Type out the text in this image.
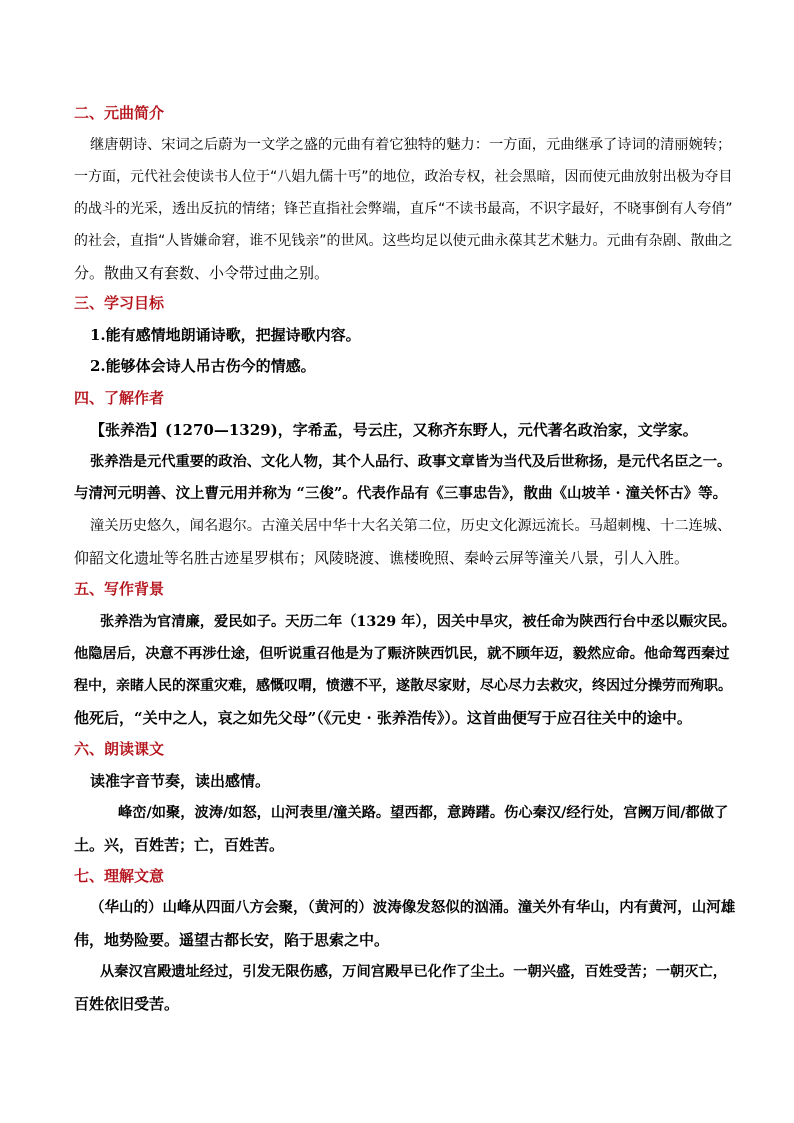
二、元曲简介
继唐朝诗、宋词之后蔚为一文学之盛的元曲有着它独特的魅力：一方面，元曲继承了诗词的清丽婉转；
一方面，元代社会使读书人位于“八娼九儒十丐”的地位，政治专权，社会黑暗，因而使元曲放射出极为夺目
的战斗的光采，透出反抗的情绪；锋芒直指社会弊端，直斥“不读书最高，不识字最好，不晓事倒有人夸俏”
的社会，直指“人皆嫌命窘，谁不见钱亲”的世风。这些均足以使元曲永葆其艺术魅力。元曲有杂剧、散曲之
分。散曲又有套数、小令带过曲之别。
三、学习目标
1.能有感情地朗诵诗歌，把握诗歌内容。
2.能够体会诗人吊古伤今的情感。
四、了解作者
【张养浩】(1270—1329)，字希孟，号云庄，又称齐东野人，元代著名政治家，文学家。
张养浩是元代重要的政治、文化人物，其个人品行、政事文章皆为当代及后世称扬，是元代名臣之一。
与清河元明善、汶上曹元用并称为 “三俊”。代表作品有《三事忠告》，散曲《山坡羊 · 潼关怀古》等。
潼关历史悠久，闻名遐尔。古潼关居中华十大名关第二位，历史文化源远流长。马超刺槐、十二连城、
仰韶文化遗址等名胜古迹星罗棋布；风陵晓渡、谯楼晚照、秦岭云屏等潼关八景，引人入胜。
五、写作背景
张养浩为官清廉，爱民如子。天历二年（1329 年），因关中旱灾，被任命为陕西行台中丞以赈灾民。
他隐居后，决意不再涉仕途，但听说重召他是为了赈济陕西饥民，就不顾年迈，毅然应命。他命驾西秦过
程中，亲睹人民的深重灾难，感慨叹喟，愤懑不平，遂散尽家财，尽心尽力去救灾，终因过分操劳而殉职。
他死后，“关中之人，哀之如先父母”（《元史 · 张养浩传》）。这首曲便写于应召往关中的途中。
六、朗读课文
读准字音节奏，读出感情。
峰峦/如聚，波涛/如怒，山河表里/潼关路。望西都，意踌躇。伤心秦汉/经行处，宫阙万间/都做了
土。兴，百姓苦；亡，百姓苦。
七、理解文意
（华山的）山峰从四面八方会聚，（黄河的）波涛像发怒似的汹涌。潼关外有华山，内有黄河，山河雄
伟，地势险要。遥望古都长安，陷于思索之中。
从秦汉宫殿遗址经过，引发无限伤感，万间宫殿早已化作了尘土。一朝兴盛，百姓受苦；一朝灭亡，
百姓依旧受苦。
